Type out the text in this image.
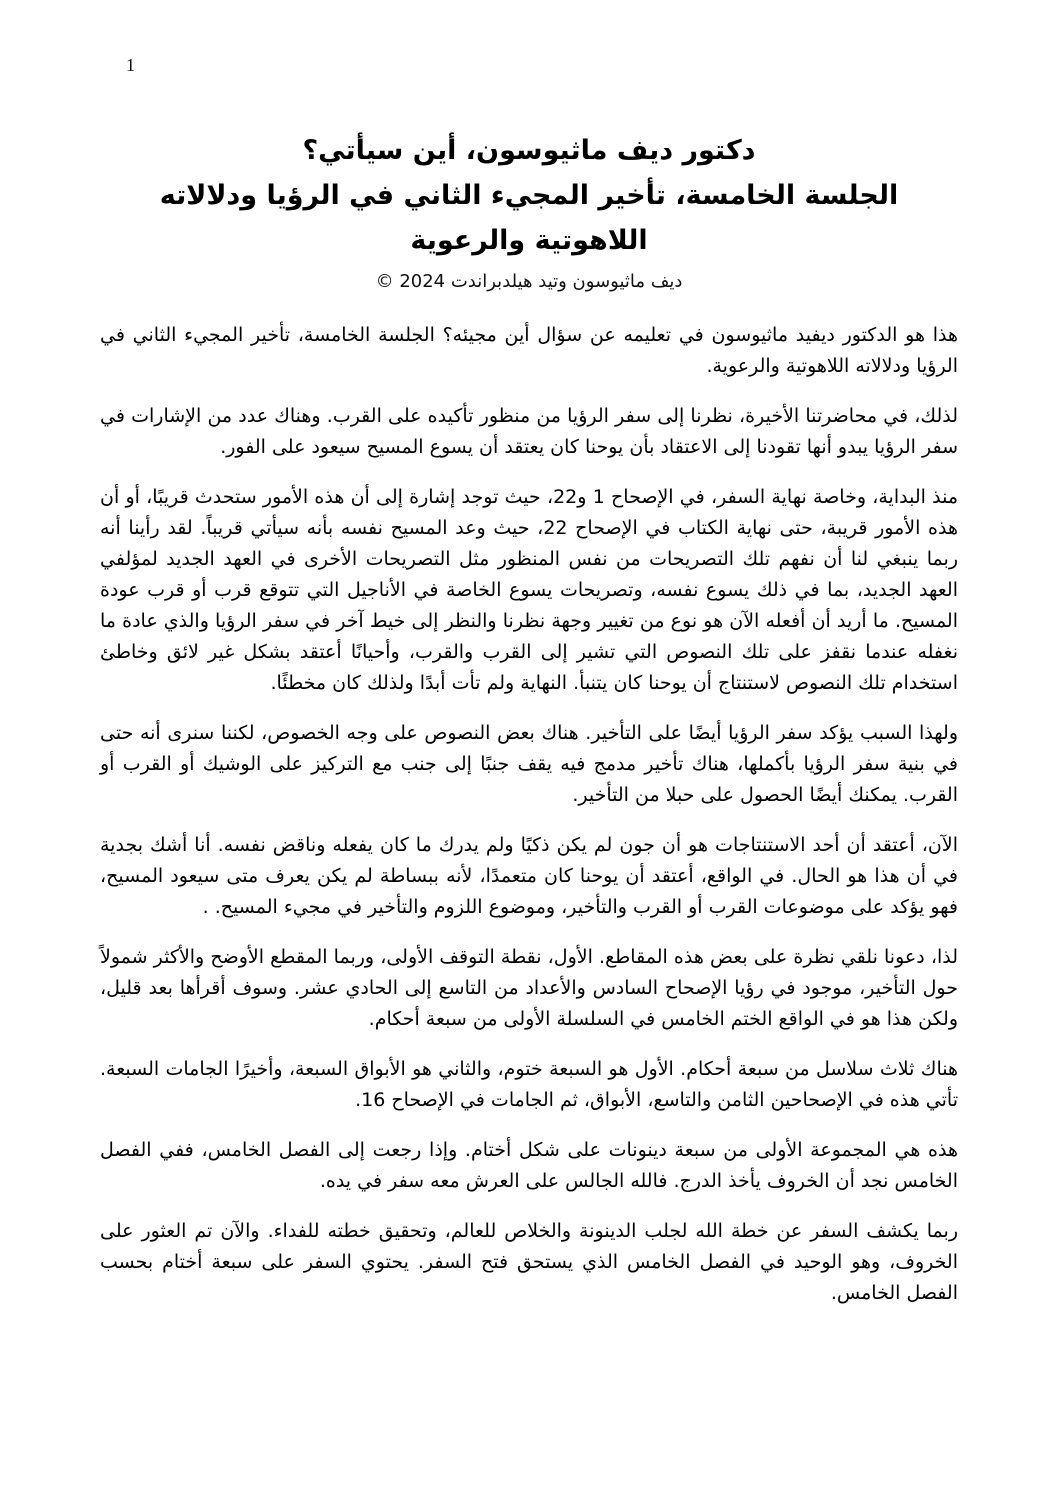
1
دكتور ديف ماثيوسون، أين سيأتي؟
الجلسة الخامسة، تأخير المجيء الثاني في الرؤيا ودلالاته
اللاهوتية والرعوية
ديف ماثيوسون وتيد هيلدبراندت 2024 ©

هذا هو الدكتور ديفيد ماثيوسون في تعليمه عن سؤال أين مجيئه؟ الجلسة الخامسة، تأخير المجيء الثاني في الرؤيا ودلالاته اللاهوتية والرعوية.

لذلك، في محاضرتنا الأخيرة، نظرنا إلى سفر الرؤيا من منظور تأكيده على القرب. وهناك عدد من الإشارات في سفر الرؤيا يبدو أنها تقودنا إلى الاعتقاد بأن يوحنا كان يعتقد أن يسوع المسيح سيعود على الفور.

منذ البداية، وخاصة نهاية السفر، في الإصحاح 1 و22، حيث توجد إشارة إلى أن هذه الأمور ستحدث قريبًا، أو أن هذه الأمور قريبة، حتى نهاية الكتاب في الإصحاح 22، حيث وعد المسيح نفسه بأنه سيأتي قريباً. لقد رأينا أنه ربما ينبغي لنا أن نفهم تلك التصريحات من نفس المنظور مثل التصريحات الأخرى في العهد الجديد لمؤلفي العهد الجديد، بما في ذلك يسوع نفسه، وتصريحات يسوع الخاصة في الأناجيل التي تتوقع قرب أو قرب عودة المسيح. ما أريد أن أفعله الآن هو نوع من تغيير وجهة نظرنا والنظر إلى خيط آخر في سفر الرؤيا والذي عادة ما نغفله عندما نقفز على تلك النصوص التي تشير إلى القرب والقرب، وأحيانًا أعتقد بشكل غير لائق وخاطئ استخدام تلك النصوص لاستنتاج أن يوحنا كان يتنبأ. النهاية ولم تأت أبدًا ولذلك كان مخطئًا.

ولهذا السبب يؤكد سفر الرؤيا أيضًا على التأخير. هناك بعض النصوص على وجه الخصوص، لكننا سنرى أنه حتى في بنية سفر الرؤيا بأكملها، هناك تأخير مدمج فيه يقف جنبًا إلى جنب مع التركيز على الوشيك أو القرب أو القرب. يمكنك أيضًا الحصول على حبلا من التأخير.

الآن، أعتقد أن أحد الاستنتاجات هو أن جون لم يكن ذكيًا ولم يدرك ما كان يفعله وناقض نفسه. أنا أشك بجدية في أن هذا هو الحال. في الواقع، أعتقد أن يوحنا كان متعمدًا، لأنه ببساطة لم يكن يعرف متى سيعود المسيح، فهو يؤكد على موضوعات القرب أو القرب والتأخير، وموضوع اللزوم والتأخير في مجيء المسيح. .

لذا، دعونا نلقي نظرة على بعض هذه المقاطع. الأول، نقطة التوقف الأولى، وربما المقطع الأوضح والأكثر شمولاً حول التأخير، موجود في رؤيا الإصحاح السادس والأعداد من التاسع إلى الحادي عشر. وسوف أقرأها بعد قليل، ولكن هذا هو في الواقع الختم الخامس في السلسلة الأولى من سبعة أحكام.

هناك ثلاث سلاسل من سبعة أحكام. الأول هو السبعة ختوم، والثاني هو الأبواق السبعة، وأخيرًا الجامات السبعة. تأتي هذه في الإصحاحين الثامن والتاسع، الأبواق، ثم الجامات في الإصحاح 16.

هذه هي المجموعة الأولى من سبعة دينونات على شكل أختام. وإذا رجعت إلى الفصل الخامس، ففي الفصل الخامس نجد أن الخروف يأخذ الدرج. فالله الجالس على العرش معه سفر في يده.

ربما يكشف السفر عن خطة الله لجلب الدينونة والخلاص للعالم، وتحقيق خطته للفداء. والآن تم العثور على الخروف، وهو الوحيد في الفصل الخامس الذي يستحق فتح السفر. يحتوي السفر على سبعة أختام بحسب الفصل الخامس.
